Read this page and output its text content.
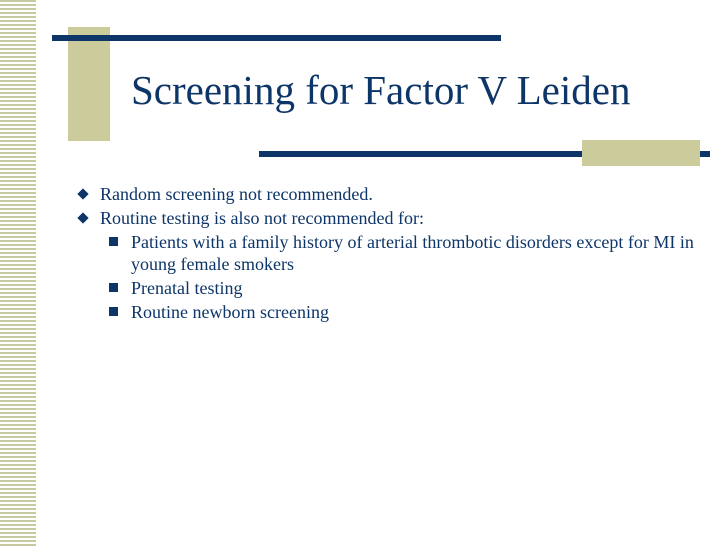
Screening for Factor V Leiden
Random screening not recommended.
Routine testing is also not recommended for:
Patients with a family history of arterial thrombotic disorders except for MI in young female smokers
Prenatal testing
Routine newborn screening
